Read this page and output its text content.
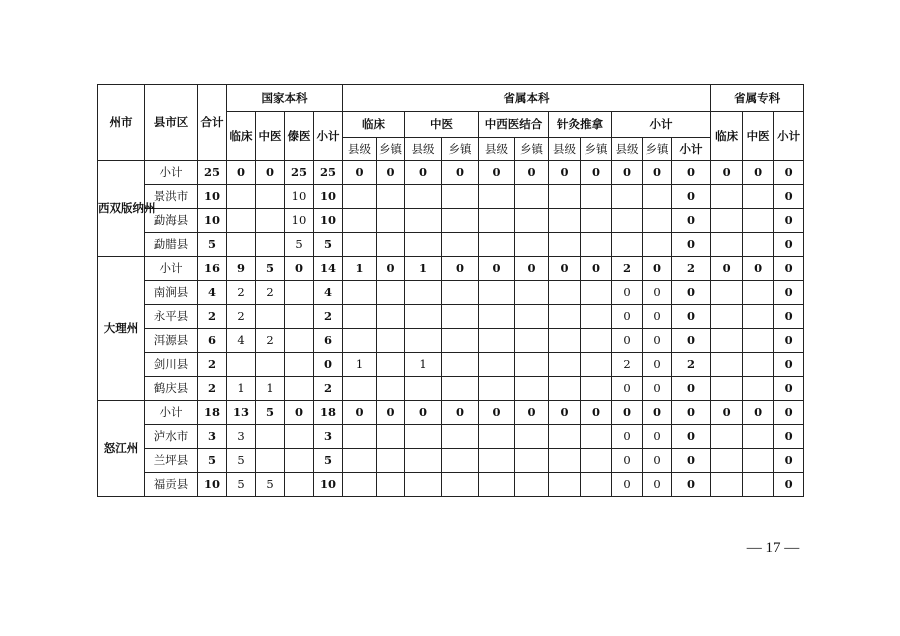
州市	县市区	合计	国家本科				省属本科											省属专科		
			临床	中医	傣医	小计	临床		中医		中西医结合		针灸推拿		小计			临床	中医	小计
							县级	乡镇	县级	乡镇	县级	乡镇	县级	乡镇	县级	乡镇	小计			
西双版纳州	小计	25	0	0	25	25	0	0	0	0	0	0	0	0	0	0	0	0	0	0
	景洪市	10			10	10											0			0
	勐海县	10			10	10											0			0
	勐腊县	5			5	5											0			0
大理州	小计	16	9	5	0	14	1	0	1	0	0	0	0	0	2	0	2	0	0	0
	南涧县	4	2	2		4									0	0	0			0
	永平县	2	2			2									0	0	0			0
	洱源县	6	4	2		6									0	0	0			0
	剑川县	2				0	1		1						2	0	2			0
	鹤庆县	2	1	1		2									0	0	0			0
怒江州	小计	18	13	5	0	18	0	0	0	0	0	0	0	0	0	0	0	0	0	0
	泸水市	3	3			3									0	0	0			0
	兰坪县	5	5			5									0	0	0			0
	福贡县	10	5	5		10									0	0	0			0
— 17 —
